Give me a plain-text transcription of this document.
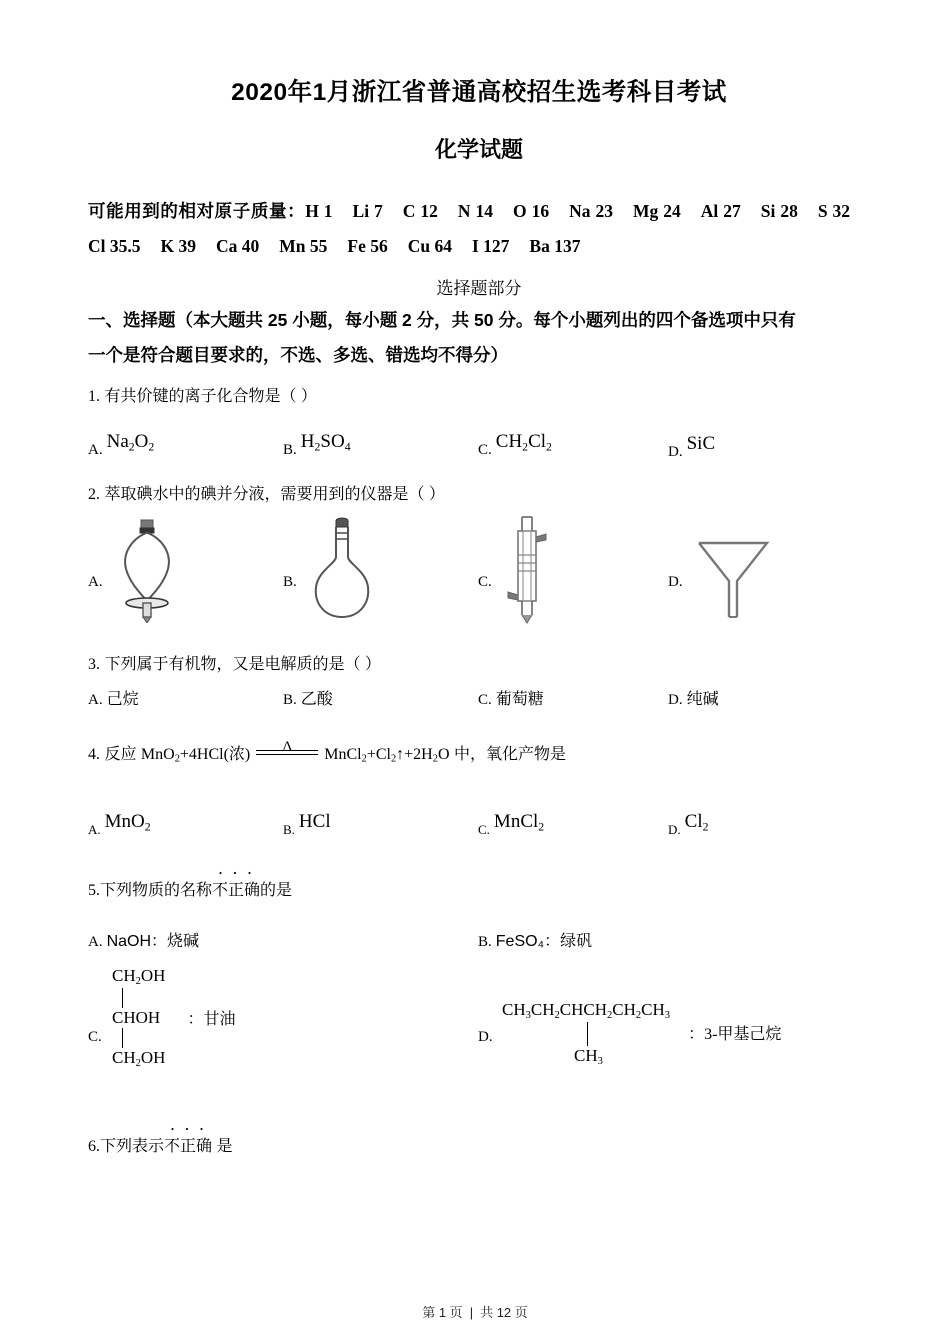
2020年1月浙江省普通高校招生选考科目考试
化学试题
可能用到的相对原子质量：H 1 Li 7 C 12 N 14 O 16 Na 23 Mg 24 Al 27 Si 28 S 32Cl 35.5 K 39 Ca 40 Mn 55 Fe 56 Cu 64 I 127 Ba 137
选择题部分
一、选择题（本大题共 25 小题，每小题 2 分，共 50 分。每个小题列出的四个备选项中只有
一个是符合题目要求的，不选、多选、错选均不得分）
1. 有共价键的离子化合物是（ ）
A. $Na_2O_2$	B. $H_2SO_4$	C. $CH_2Cl_2$	D. SiC
2. 萃取碘水中的碘并分液，需要用到的仪器是（ ）
A.	B.	C.	D.
3. 下列属于有机物，又是电解质的是（ ）
A. 己烷	B. 乙酸	C. 葡萄糖	D. 纯碱
4. 反应 MnO$_2$+4HCl(浓) Δ $MnCl_2+Cl_2↑+2H_2O$ 中，氧化产物是
A. MnO$_2$	B. HCl	C. MnCl$_2$	D. $Cl_2$
5.下列物质的名称· · · 不正确的是
A. NaOH：烧碱	B. FeSO₄：绿矾
C.
$CH_2OH$
CHOH
$CH_2OH$
：甘油
D.
$CH_3CH_2CHCH_2CH_2CH_3$
$CH_3$
：3-甲基己烷
6.下列表示· · · 不正确 是
第 1 页 | 共 12 页
